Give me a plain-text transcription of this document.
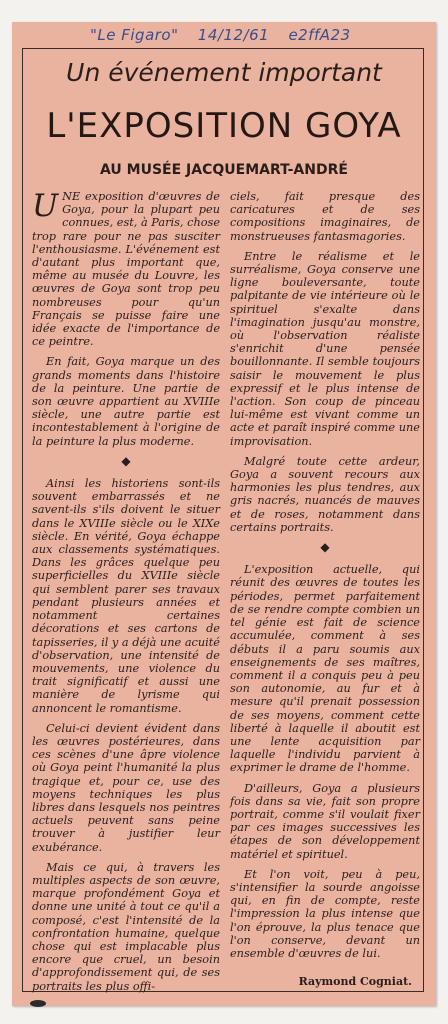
"Le Figaro" 14/12/61 e2ffA23
Un événement important
L'EXPOSITION GOYA
AU MUSÉE JACQUEMART-ANDRÉ

UNE exposition d'œuvres de Goya, pour la plupart peu connues, est, à Paris, chose trop rare pour ne pas susciter l'enthousiasme. L'événement est d'autant plus important que, même au musée du Louvre, les œuvres de Goya sont trop peu nombreuses pour qu'un Français se puisse faire une idée exacte de l'importance de ce peintre.

En fait, Goya marque un des grands moments dans l'histoire de la peinture. Une partie de son œuvre appartient au XVIIIe siècle, une autre partie est incontestablement à l'origine de la peinture la plus moderne.

◆

Ainsi les historiens sont-ils souvent embarrassés et ne savent-ils s'ils doivent le situer dans le XVIIIe siècle ou le XIXe siècle. En vérité, Goya échappe aux classements systématiques. Dans les grâces quelque peu superficielles du XVIIIe siècle qui semblent parer ses travaux pendant plusieurs années et notamment certaines décorations et ses cartons de tapisseries, il y a déjà une acuité d'observation, une intensité de mouvements, une violence du trait significatif et aussi une manière de lyrisme qui annoncent le romantisme.

Celui-ci devient évident dans les œuvres postérieures, dans ces scènes d'une âpre violence où Goya peint l'humanité la plus tragique et, pour ce, use des moyens techniques les plus libres dans lesquels nos peintres actuels peuvent sans peine trouver à justifier leur exubérance.

Mais ce qui, à travers les multiples aspects de son œuvre, marque profondément Goya et donne une unité à tout ce qu'il a composé, c'est l'intensité de la confrontation humaine, quelque chose qui est implacable plus encore que cruel, un besoin d'approfondissement qui, de ses portraits les plus offi-

ciels, fait presque des caricatures et de ses compositions imaginaires, de monstrueuses fantasmagories.

Entre le réalisme et le surréalisme, Goya conserve une ligne bouleversante, toute palpitante de vie intérieure où le spirituel s'exalte dans l'imagination jusqu'au monstre, où l'observation réaliste s'enrichit d'une pensée bouillonnante. Il semble toujours saisir le mouvement le plus expressif et le plus intense de l'action. Son coup de pinceau lui-même est vivant comme un acte et paraît inspiré comme une improvisation.

Malgré toute cette ardeur, Goya a souvent recours aux harmonies les plus tendres, aux gris nacrés, nuancés de mauves et de roses, notamment dans certains portraits.

◆

L'exposition actuelle, qui réunit des œuvres de toutes les périodes, permet parfaitement de se rendre compte combien un tel génie est fait de science accumulée, comment à ses débuts il a paru soumis aux enseignements de ses maîtres, comment il a conquis peu à peu son autonomie, au fur et à mesure qu'il prenait possession de ses moyens, comment cette liberté à laquelle il aboutit est une lente acquisition par laquelle l'individu parvient à exprimer le drame de l'homme.

D'ailleurs, Goya a plusieurs fois dans sa vie, fait son propre portrait, comme s'il voulait fixer par ces images successives les étapes de son développement matériel et spirituel.

Et l'on voit, peu à peu, s'intensifier la sourde angoisse qui, en fin de compte, reste l'impression la plus intense que l'on éprouve, la plus tenace que l'on conserve, devant un ensemble d'œuvres de lui.

Raymond Cogniat.
